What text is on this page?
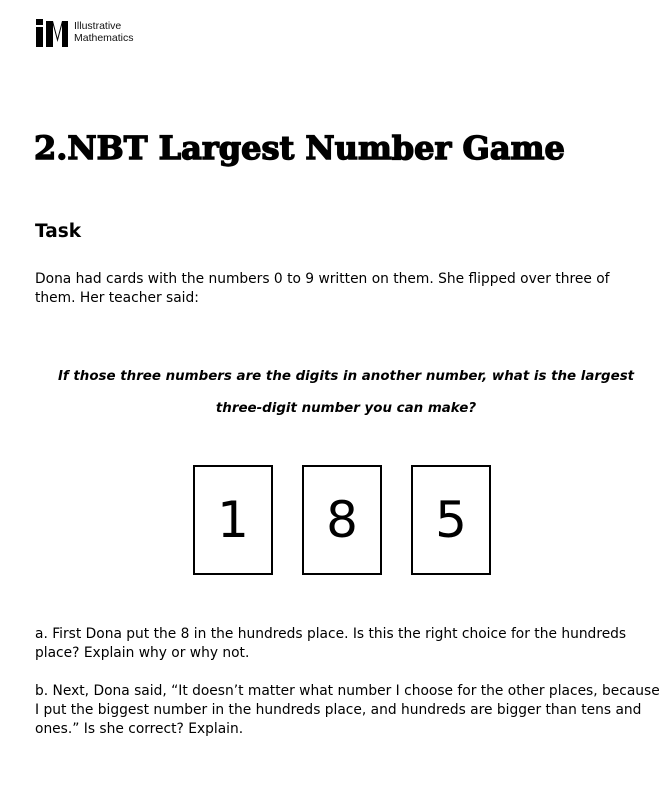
Illustrative
Mathematics
2.NBT Largest Number Game
Task

Dona had cards with the numbers 0 to 9 written on them. She flipped over three of them. Her teacher said:

If those three numbers are the digits in another number, what is the largest three-digit number you can make?

1	8	5

a. First Dona put the 8 in the hundreds place. Is this the right choice for the hundreds place? Explain why or why not.

b. Next, Dona said, “It doesn’t matter what number I choose for the other places, because I put the biggest number in the hundreds place, and hundreds are bigger than tens and ones.” Is she correct? Explain.
